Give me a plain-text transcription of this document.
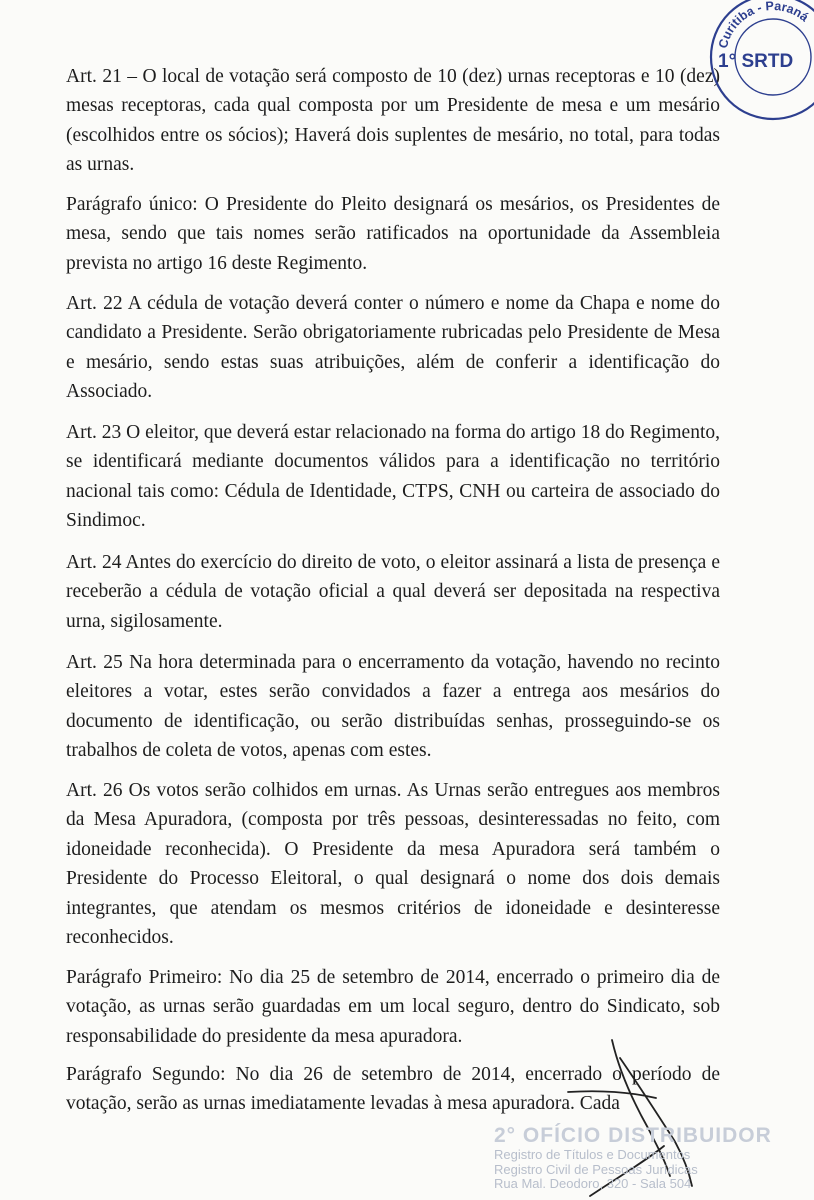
Art. 21 – O local de votação será composto de 10 (dez) urnas receptoras e 10 (dez) mesas receptoras, cada qual composta por um Presidente de mesa e um mesário (escolhidos entre os sócios); Haverá dois suplentes de mesário, no total, para todas as urnas.

Parágrafo único: O Presidente do Pleito designará os mesários, os Presidentes de mesa, sendo que tais nomes serão ratificados na oportunidade da Assembleia prevista no artigo 16 deste Regimento.

Art. 22 A cédula de votação deverá conter o número e nome da Chapa e nome do candidato a Presidente. Serão obrigatoriamente rubricadas pelo Presidente de Mesa e mesário, sendo estas suas atribuições, além de conferir a identificação do Associado.

Art. 23 O eleitor, que deverá estar relacionado na forma do artigo 18 do Regimento, se identificará mediante documentos válidos para a identificação no território nacional tais como: Cédula de Identidade, CTPS, CNH ou carteira de associado do Sindimoc.

Art. 24 Antes do exercício do direito de voto, o eleitor assinará a lista de presença e receberão a cédula de votação oficial a qual deverá ser depositada na respectiva urna, sigilosamente.

Art. 25 Na hora determinada para o encerramento da votação, havendo no recinto eleitores a votar, estes serão convidados a fazer a entrega aos mesários do documento de identificação, ou serão distribuídas senhas, prosseguindo-se os trabalhos de coleta de votos, apenas com estes.

Art. 26 Os votos serão colhidos em urnas. As Urnas serão entregues aos membros da Mesa Apuradora, (composta por três pessoas, desinteressadas no feito, com idoneidade reconhecida). O Presidente da mesa Apuradora será também o Presidente do Processo Eleitoral, o qual designará o nome dos dois demais integrantes, que atendam os mesmos critérios de idoneidade e desinteresse reconhecidos.

Parágrafo Primeiro: No dia 25 de setembro de 2014, encerrado o primeiro dia de votação, as urnas serão guardadas em um local seguro, dentro do Sindicato, sob responsabilidade do presidente da mesa apuradora.

Parágrafo Segundo: No dia 26 de setembro de 2014, encerrado o período de votação, serão as urnas imediatamente levadas à mesa apuradora. Cada

Curitiba - Paraná
1° SRTD
2° OFÍCIO DISTRIBUIDOR
Registro de Títulos e Documentos
Registro Civil de Pessoas Jurídicas
Rua Mal. Deodoro, 320 - Sala 504
